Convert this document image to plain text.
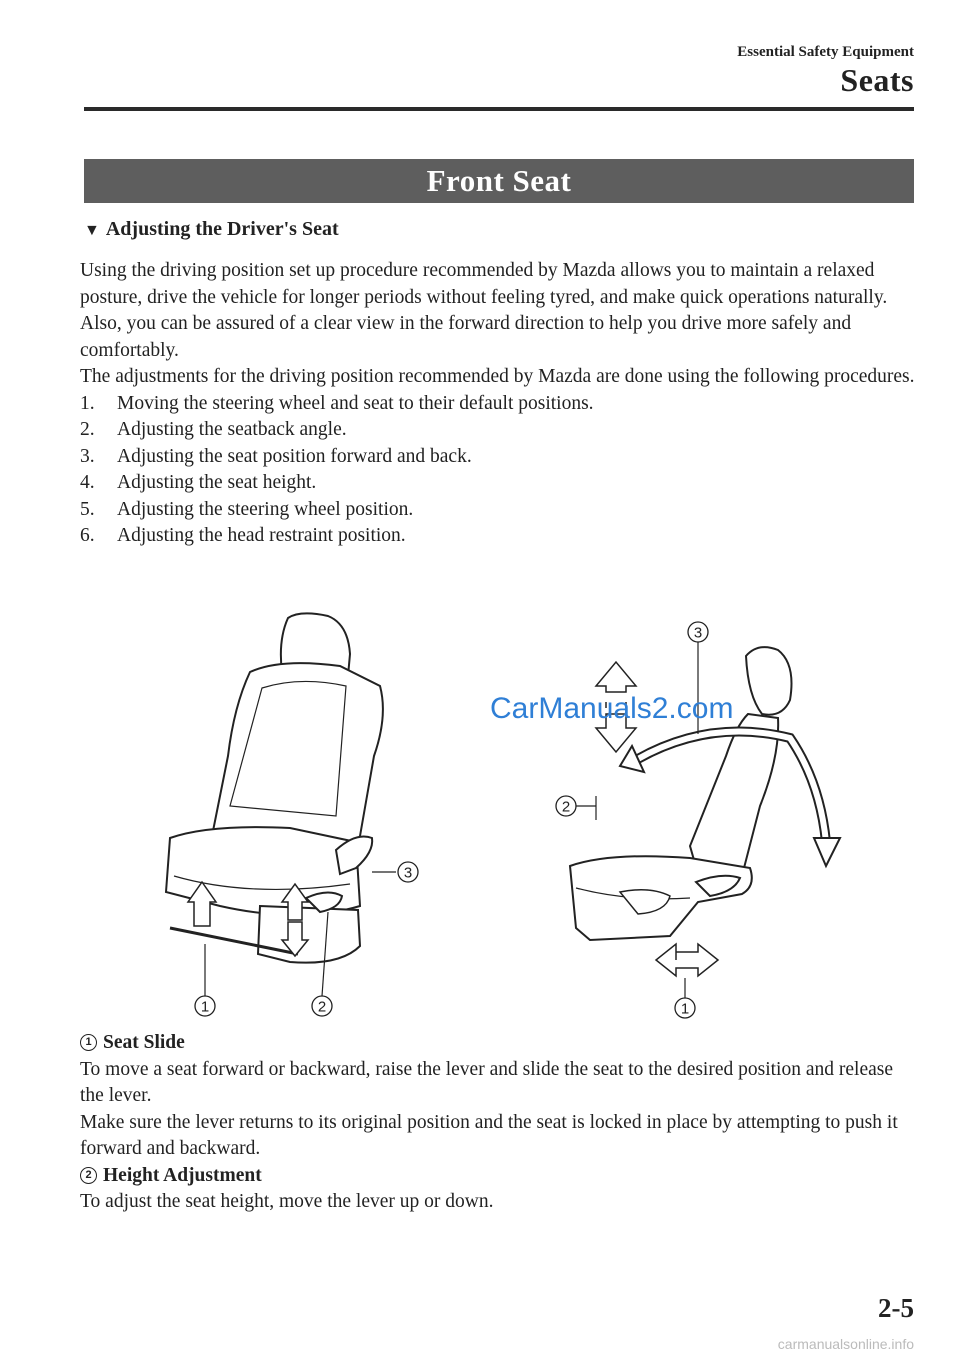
Essential Safety Equipment
Seats
Front Seat
▼ Adjusting the Driver's Seat

Using the driving position set up procedure recommended by Mazda allows you to maintain a relaxed posture, drive the vehicle for longer periods without feeling tyred, and make quick operations naturally.

Also, you can be assured of a clear view in the forward direction to help you drive more safely and comfortably.

The adjustments for the driving position recommended by Mazda are done using the following procedures.

1.	Moving the steering wheel and seat to their default positions.
2.	Adjusting the seatback angle.
3.	Adjusting the seat position forward and back.
4.	Adjusting the seat height.
5.	Adjusting the steering wheel position.
6.	Adjusting the head restraint position.
1	2
3
3
2
1
CarManuals2.com

1 Seat Slide

To move a seat forward or backward, raise the lever and slide the seat to the desired position and release the lever.

Make sure the lever returns to its original position and the seat is locked in place by attempting to push it forward and backward.

2 Height Adjustment

To adjust the seat height, move the lever up or down.

2-5
carmanualsonline.info
